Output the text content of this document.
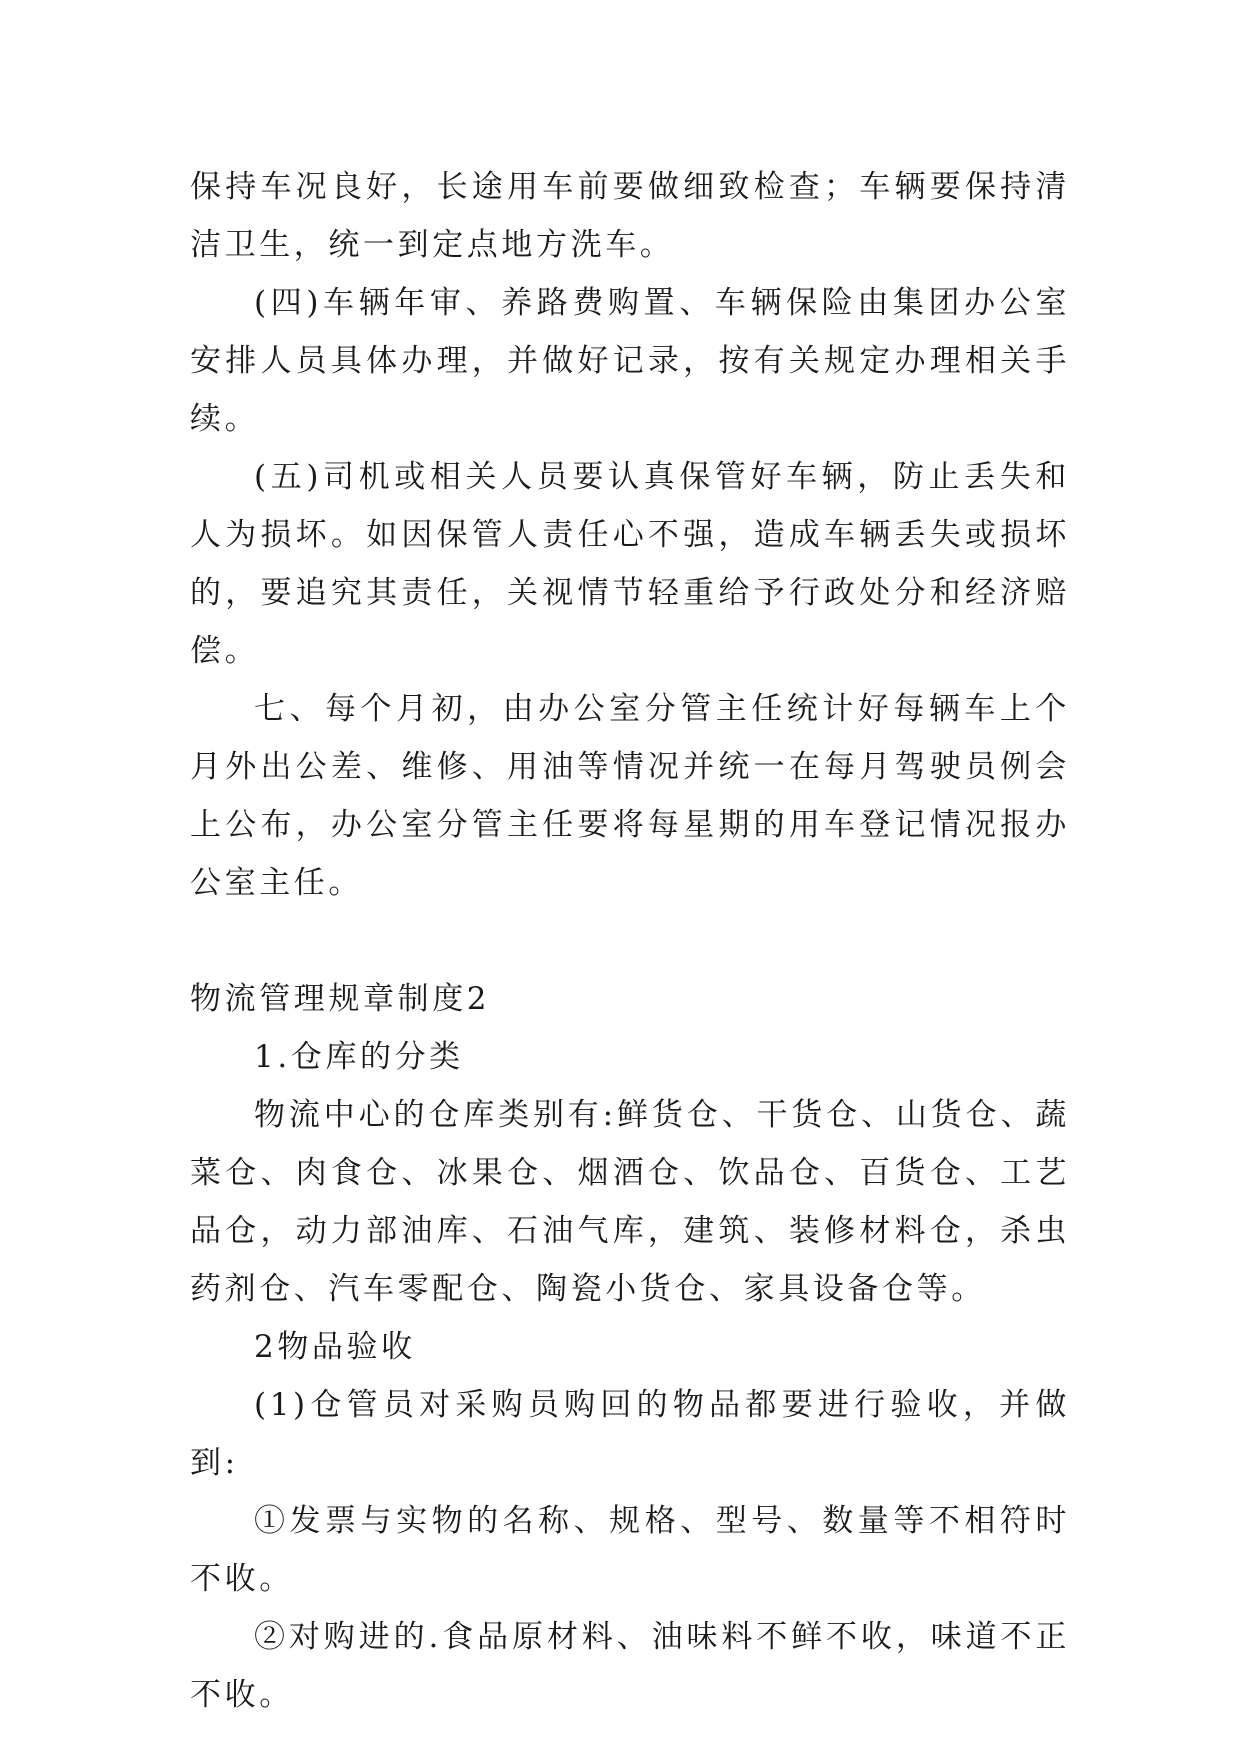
保持车况良好，长途用车前要做细致检查；车辆要保持清洁卫生，统一到定点地方洗车。

(四)车辆年审、养路费购置、车辆保险由集团办公室安排人员具体办理，并做好记录，按有关规定办理相关手续。

(五)司机或相关人员要认真保管好车辆，防止丢失和人为损坏。如因保管人责任心不强，造成车辆丢失或损坏的，要追究其责任，关视情节轻重给予行政处分和经济赔偿。

七、每个月初，由办公室分管主任统计好每辆车上个月外出公差、维修、用油等情况并统一在每月驾驶员例会上公布，办公室分管主任要将每星期的用车登记情况报办公室主任。

物流管理规章制度2

1.仓库的分类

物流中心的仓库类别有:鲜货仓、干货仓、山货仓、蔬菜仓、肉食仓、冰果仓、烟酒仓、饮品仓、百货仓、工艺品仓，动力部油库、石油气库，建筑、装修材料仓，杀虫药剂仓、汽车零配仓、陶瓷小货仓、家具设备仓等。

2物品验收

(1)仓管员对采购员购回的物品都要进行验收，并做到:

①发票与实物的名称、规格、型号、数量等不相符时不收。

②对购进的.食品原材料、油味料不鲜不收，味道不正不收。
